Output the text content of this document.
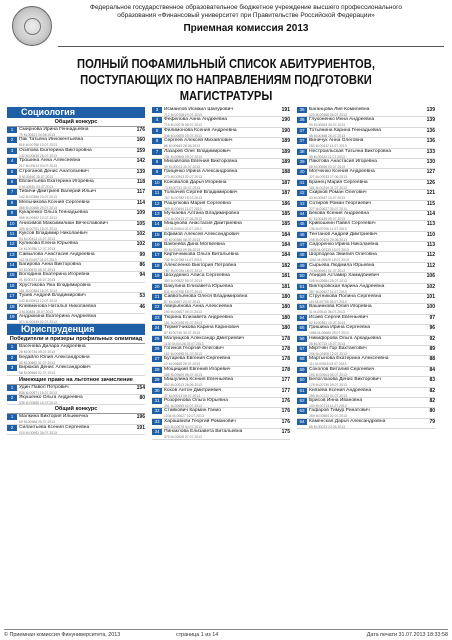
Федеральное государственное образовательное бюджетное учреждение высшего профессионального
образования «Финансовый университет при Правительстве Российской Федерации»
Приемная комиссия 2013
ПОЛНЫЙ ПОФАМИЛЬНЫЙ СПИСОК АБИТУРИЕНТОВ,
ПОСТУПАЮЩИХ ПО НАПРАВЛЕНИЯМ ПОДГОТОВКИ
МАГИСТРАТУРЫ
Социология
Общий конкурс
1	Смирнова Ирина Геннадьевна	176
79 M-00521 24.06.2013
2	Пак Татьяна Иннокентьевна	160
816 M-00786 10.07.2013
3	Осипова Екатерина Викторовна	159
132 M-00615 26.07.2013
4	Трошина Анна Алексеевна	142
217 M-00613 04.07.2013
5	Строганов Денис Анатольевич	139
5 M-00450 15.07.2013
6	Евлантьева Екатерина Игоревна	118
9 M-00540 03.07.2013
7	Тибичи-Дмитриев Валерий Ильич	117
142 M-00386 23.07.2013
8	Мельникова Ксения Сергеевна	114
666 M-00465 25.07.2013
9	Кукаренко Ольга Геннадьевна	109
565 M-00552 12.07.2013
10 Анисимов Максимилиан Вячеславович	105
309 M-00751 18.07.2013
11 Куксов Владимир Николаевич	102
94 M-00413 10.07.2013
12 Куликова Елена Юрьевна	102
16 M-00286 12.07.2013
13 Самылова Анастасия Андреевна	99
112 M-00497 02.07.2013
14 Багирова Анна Викторовна	86
93 M-00670 05.07.2013
15 Володина Екатерина Игоревна	94
91 M-00371 05.07.2013
16 Хрустикова Яна Владимировна
161 M-00384 16.07.2013
17 Туаев Андрей Владимирович	53
143 M-00513 12.07.2013
18 Клейменова Наталья Николаевна	46
4 M-00484 15.07.2013
19 Андрюкина Екатерина Андреевна
374 M-00449 02.07.2013
Юриспруденция
Победители и призеры профильных олимпиад
1	Васенева Дилара Андреевна
28 M-00734 09.07.2013
2	Бедайло Юлия Александровна
30 M-00662 31.07.2013
3	Бирюков Денис Александрович
56 M-00664 02.07.2013
Имеющие право на льготное зачисление
1	Удин Павел Петрович	154
838 M-00971 15.07.2013
2	Якушенко Ольга Андреевна	80
338 M-00585 15.07.2013
Общий конкурс
1	Малкина Виктория Ильинична	196
69 M-00568 29.07.2013
2	Силантьева Ксения Сергеевна	191
219 M-00692 26.07.2013
3	Исмаилов Исмаил Шапурович	191
712 M-00768 19.07.2013
4	Фефелова Анна Андреевна	190
719 M-00078 08.07.2013
5	Филимонова Ксения Андреевна	190
348 M-00605 05.07.2013
6	Сергеев Алексей Михайлович	189
86 M-00663 28.06.2013
7	Лазарев Олег Владимирович	189
781 M-00508 09.07.2013
8	Михайлова Евгения Викторовна	189
39 M-00013 30.07.2013
9	Гриценко Ирина Александровна	188
270 M-00503 02.07.2013
10 Коновалов Дарья Игоревна	187
73 M-00741 30.07.2013
11 Толкачев Сергей Владимирович	187
767 M-00782 15.07.2013
12 Рашупкова Мария Сергеевна	186
369 M-00694 11.07.2013
13 Мучкаева Алтана Владимировна	185
174 M-00413 27.06.2013
14 Мишукова Анастасия Дмитриевна	185
112 M-00504 02.07.2013
15 Ефимов Алексей Александрович	184
40 M-00380 08.07.2013
16 Вакбеева Дина Мотвеевна	184
53 M-00062 09.06.2013
17 Киртичникова Ольга Витальевна	184
732 M-00768 11.07.2013
18 Алексеенко Виктория Петровна	182
787 M-00706 18.07.2013
19 Шохуденко Алиса Сергеевна	181
350 M-00522 05.07.2013
20 Вакулина Елизавета Юрьевна	181
631 M-00706 15.07.2013
21 Саввотьянова Олеся Владимировна	180
87 M-00697 23.07.2013
22 Аверьянова Анна Алексеевна	180
190 M-00607 09.07.2013
23 Тюрина Елизавета Андреевна	180
151 M-00108 01.07.2013
24 Терметчикова Карина Каринович	180
87 M-00740 30.07.2013
25 Малуицков Александр Дмитриевич	178
1130 M-00126 25.07.2013
26 Гогинов Георгий Олегович	178
161 M-00698 01.07.2013
27 Бутарева Евгения Сергеевна	178
12 M-00660 29.07.2013
28 Мощицкий Евгений Игоревич	178
388 M-00609 06.07.2013
29 Мишулина Ксения Евгеньевна	177
852 M-00013 28.06.2013
30 Кохов Антон Дмитриевич	177
37 M-00013 08.07.2013
31 Розоренова Ольга Юрьевна	176
351 M-00655 02.07.2013
32 Стайкович Кармин Ганио	176
1034 M-00627 02.07.2013
33 Харашвили Георгий Романович	176
543 M-00678 04.07.2013
34 Пинаклова Елизавета Витальевна	175
375 M-00528 07.07.2013
35 Баганцова Лия Комилевна	139
320 M-00468 05.07.2013
36 Глухоненко Инна Андреевна	139
90 M-00693 30.07.2013
37 Тотьянина Карина Геннадьевна	136
45 M-00468 26.07.2013
37 Виничук Анна Олеговна	136
283 M-00432 11.07.2013
38 Нестроильская Татьяна Викторовна	133
55 M-00632 11.07.2013
39 Паютова Анастасия Игоревна	130
68 M-00698 03.07.2013
40 Мотченко Ксения Андреевна	127
327 M-00033 27.06.2013
41 Бранец Мария Сергеевна	126
181 M-00249 31.07.2013
42 Скирков Роман Олегович	121
43 M-00547 10.07.2013
43 Сотиров Роман Георгиевич	115
227 M-00627 30.07.2013
44 Бекова Ксения Андреевна	114
57 M-00449 09.07.2013
45 Кривошеин Павел Сергеевич	113
136 M-00706 11.07.2013
46 Тентанов Андрей Дмитриевич	110
208 M-00426 29.06.2013
47 Сидоренко Ирина Николаевна	113
1808 M-00333 15.07.2013
48 Шорподеза Эмилия Олеговна	112
1052 M-00529 15.07.2013
49 Сырьева Людмила Юрьевна	112
74 M-00691 01.07.2013
50 Абидов Астамир Хамидбиевич	106
105 M-00654 25.07.2013
51 Викторовская Карина Андреевна	102
287 M-00627 11.07.2013
52 Стругникова Полина Сергеевна	101
119 M-00706 26.07.2013
53 Вашинкова Юлия Игоревна	100
11 M-00610 08.07.2013
54 Исаев Сергей Евгеньевич	97
92 M-00461 10.07.2013
55 Гришина Ирина Сергеевна	96
1066 M-00683 25.07.2013
56 Никифорова Ольга Аркадьевна	92
26 M-00715 15.07.2013
57 Мкртчян Гор Вахтангович	89
206 M-00498 12.07.2013
58 Мартынова Екатерина Алексеевна	88
111 M-00518 03.07.2013
59 Соколов Виталий Сергеевич	84
193 M-00503 05.07.2013
60 Белоглазова Денис Викторович	83
178 M-00736 09.07.2013
61 Князева Ксения Андреевна	82
255 M-00132 01.07.2013
62 Брисов Инна Ивановна	82
100 M-00713 11.07.2013
63 Гафаров Тимур Ринатович	80
269 M-00564 02.07.2013
64 Каменская Дарья Александровна	79
85 M-00023 23.06.2013
© Приемная комиссия Финуниверситета, 2013	страница 1 из 14	Дата печати 31.07.2013 18:33:58
